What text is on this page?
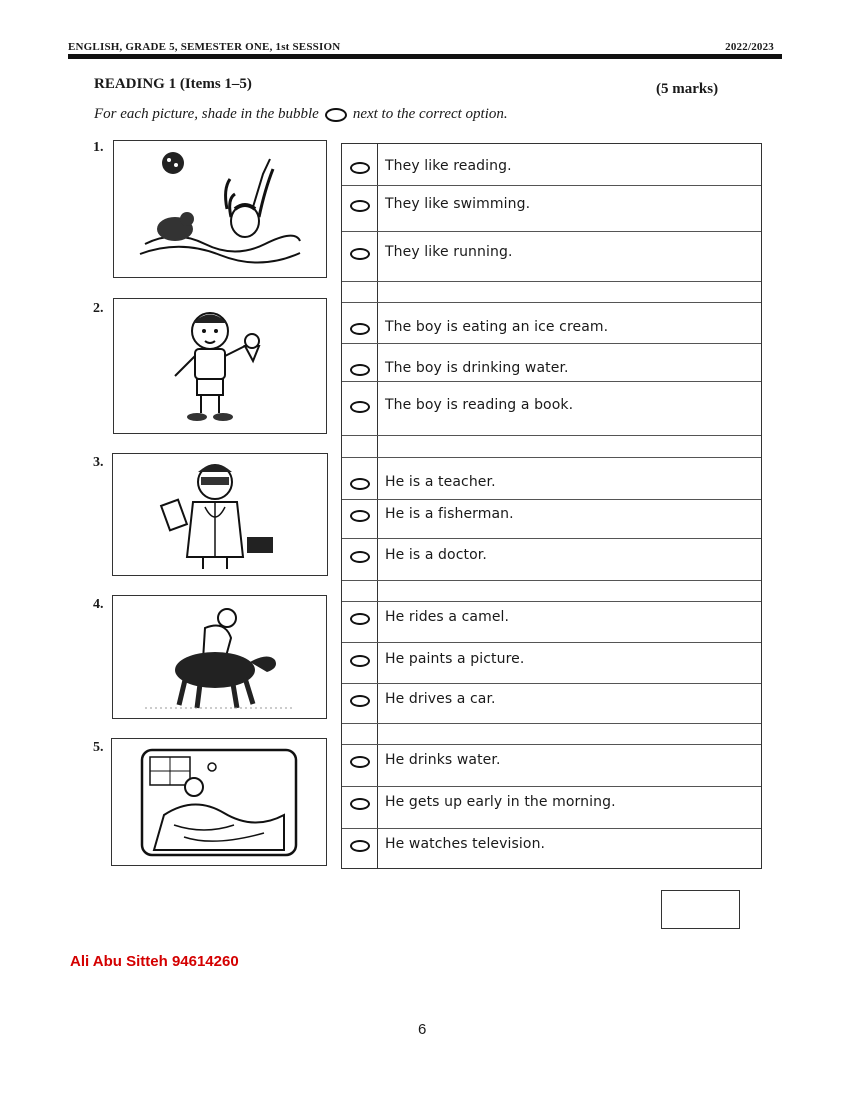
ENGLISH, GRADE 5, SEMESTER ONE, 1st SESSION	2022/2023
READING 1 (Items 1–5)	(5 marks)
For each picture, shade in the bubble next to the correct option.
1.
2.
3.
4.
5.
They like reading.
They like swimming.
They like running.
The boy is eating an ice cream.
The boy is drinking water.
The boy is reading a book.
He is a teacher.
He is a fisherman.
He is a doctor.
He rides a camel.
He paints a picture.
He drives a car.
He drinks water.
He gets up early in the morning.
He watches television.
Ali Abu Sitteh 94614260
6
